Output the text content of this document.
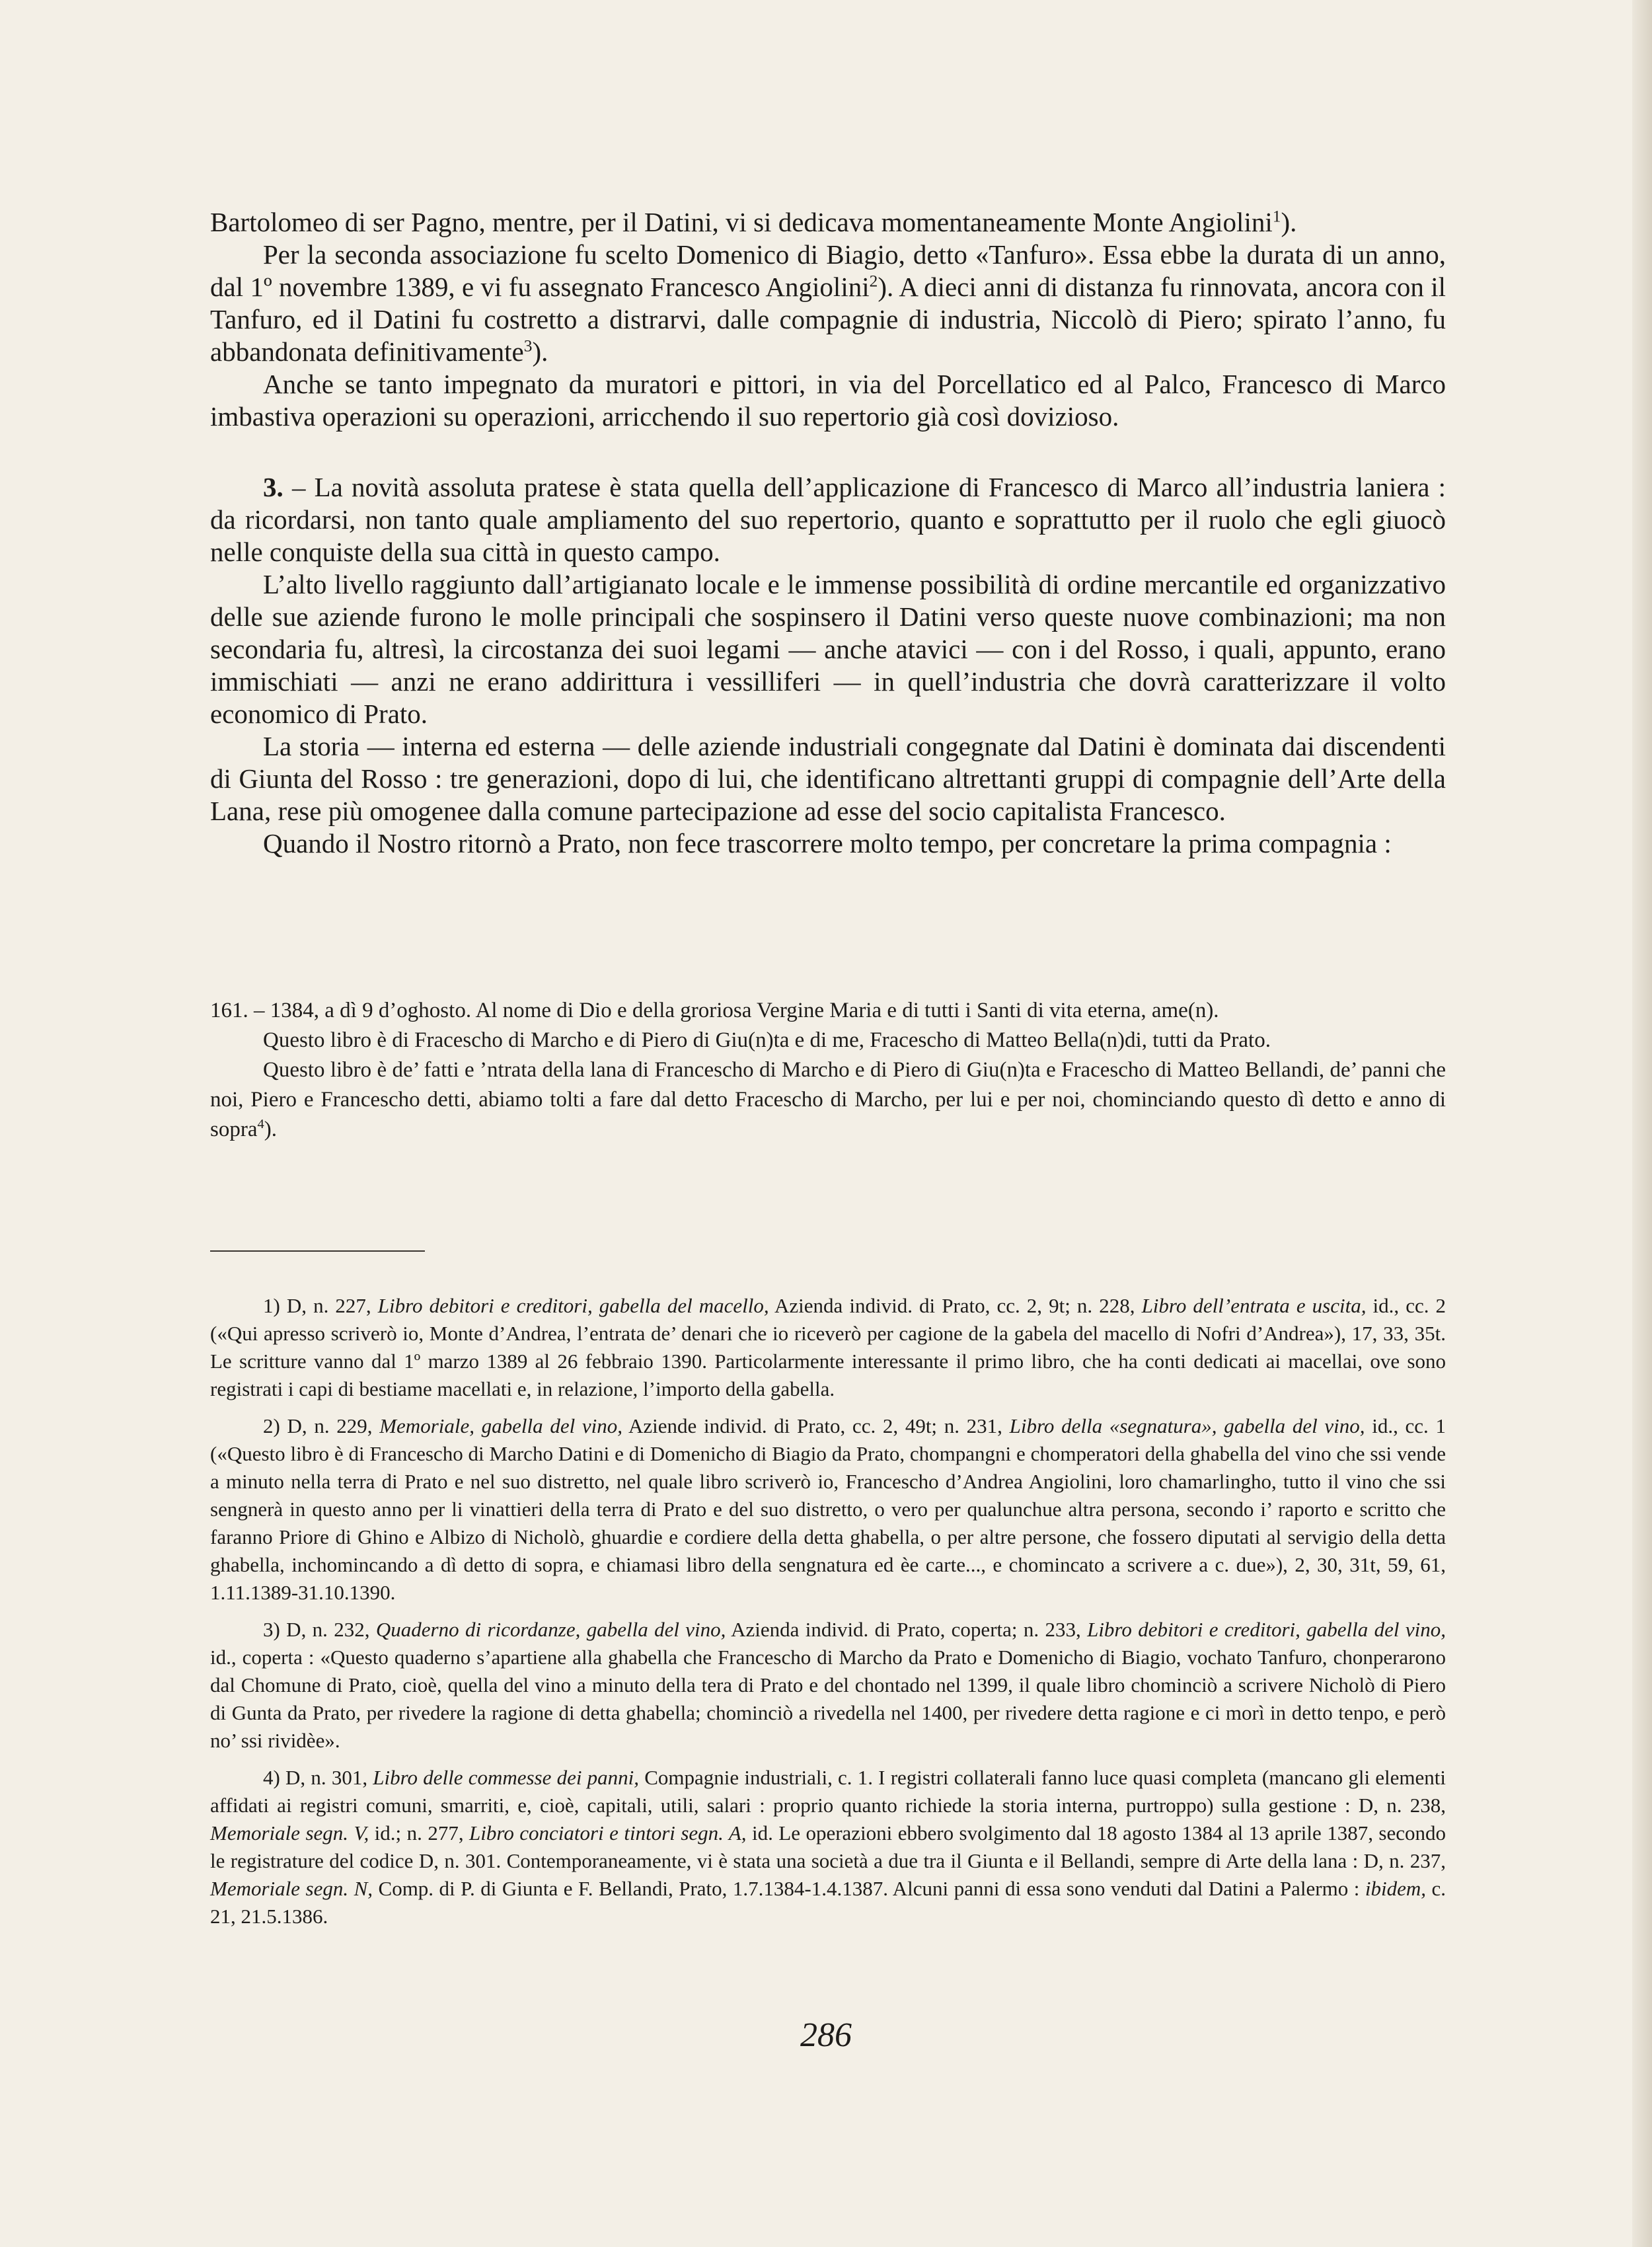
Bartolomeo di ser Pagno, mentre, per il Datini, vi si dedicava momentaneamente Monte Angiolini$^1$).

Per la seconda associazione fu scelto Domenico di Biagio, detto «Tanfuro». Essa ebbe la durata di un anno, dal 1º novembre 1389, e vi fu assegnato Francesco Angiolini$^2$). A dieci anni di distanza fu rinnovata, ancora con il Tanfuro, ed il Datini fu costretto a distrarvi, dalle compagnie di industria, Niccolò di Piero; spirato l’anno, fu abbandonata definitivamente$^3$).

Anche se tanto impegnato da muratori e pittori, in via del Porcellatico ed al Palco, Francesco di Marco imbastiva operazioni su operazioni, arricchendo il suo repertorio già così dovizioso.

3. – La novità assoluta pratese è stata quella dell’applicazione di Francesco di Marco all’industria laniera : da ricordarsi, non tanto quale ampliamento del suo repertorio, quanto e soprattutto per il ruolo che egli giuocò nelle conquiste della sua città in questo campo.

L’alto livello raggiunto dall’artigianato locale e le immense possibilità di ordine mercantile ed organizzativo delle sue aziende furono le molle principali che sospinsero il Datini verso queste nuove combinazioni; ma non secondaria fu, altresì, la circostanza dei suoi legami — anche atavici — con i del Rosso, i quali, appunto, erano immischiati — anzi ne erano addirittura i vessilliferi — in quell’industria che dovrà caratterizzare il volto economico di Prato.

La storia — interna ed esterna — delle aziende industriali congegnate dal Datini è dominata dai discendenti di Giunta del Rosso : tre generazioni, dopo di lui, che identificano altrettanti gruppi di compagnie dell’Arte della Lana, rese più omogenee dalla comune partecipazione ad esse del socio capitalista Francesco.

Quando il Nostro ritornò a Prato, non fece trascorrere molto tempo, per concretare la prima compagnia :

161. – 1384, a dì 9 d’oghosto. Al nome di Dio e della groriosa Vergine Maria e di tutti i Santi di vita eterna, ame(n).

Questo libro è di Fracescho di Marcho e di Piero di Giu(n)ta e di me, Fracescho di Matteo Bella(n)di, tutti da Prato.

Questo libro è de’ fatti e ’ntrata della lana di Francescho di Marcho e di Piero di Giu(n)ta e Fracescho di Matteo Bellandi, de’ panni che noi, Piero e Francescho detti, abiamo tolti a fare dal detto Fracescho di Marcho, per lui e per noi, chominciando questo dì detto e anno di sopra$^4$).

1) D, n. 227, Libro debitori e creditori, gabella del macello, Azienda individ. di Prato, cc. 2, 9t; n. 228, Libro dell’entrata e uscita, id., cc. 2 («Qui apresso scriverò io, Monte d’Andrea, l’entrata de’ denari che io riceverò per cagione de la gabela del macello di Nofri d’Andrea»), 17, 33, 35t. Le scritture vanno dal 1º marzo 1389 al 26 febbraio 1390. Particolarmente interessante il primo libro, che ha conti dedicati ai macellai, ove sono registrati i capi di bestiame macellati e, in relazione, l’importo della gabella.

2) D, n. 229, Memoriale, gabella del vino, Aziende individ. di Prato, cc. 2, 49t; n. 231, Libro della «segnatura», gabella del vino, id., cc. 1 («Questo libro è di Francescho di Marcho Datini e di Domenicho di Biagio da Prato, chompangni e chomperatori della ghabella del vino che ssi vende a minuto nella terra di Prato e nel suo distretto, nel quale libro scriverò io, Francescho d’Andrea Angiolini, loro chamarlingho, tutto il vino che ssi sengnerà in questo anno per li vinattieri della terra di Prato e del suo distretto, o vero per qualunchue altra persona, secondo i’ raporto e scritto che faranno Priore di Ghino e Albizo di Nicholò, ghuardie e cordiere della detta ghabella, o per altre persone, che fossero diputati al servigio della detta ghabella, inchomincando a dì detto di sopra, e chiamasi libro della sengnatura ed èe carte..., e chomincato a scrivere a c. due»), 2, 30, 31t, 59, 61, 1.11.1389-31.10.1390.

3) D, n. 232, Quaderno di ricordanze, gabella del vino, Azienda individ. di Prato, coperta; n. 233, Libro debitori e creditori, gabella del vino, id., coperta : «Questo quaderno s’apartiene alla ghabella che Francescho di Marcho da Prato e Domenicho di Biagio, vochato Tanfuro, chonperarono dal Chomune di Prato, cioè, quella del vino a minuto della tera di Prato e del chontado nel 1399, il quale libro chominciò a scrivere Nicholò di Piero di Gunta da Prato, per rivedere la ragione di detta ghabella; chominciò a rivedella nel 1400, per rivedere detta ragione e ci morì in detto tenpo, e però no’ ssi rividèe».

4) D, n. 301, Libro delle commesse dei panni, Compagnie industriali, c. 1. I registri collaterali fanno luce quasi completa (mancano gli elementi affidati ai registri comuni, smarriti, e, cioè, capitali, utili, salari : proprio quanto richiede la storia interna, purtroppo) sulla gestione : D, n. 238, Memoriale segn. V, id.; n. 277, Libro conciatori e tintori segn. A, id. Le operazioni ebbero svolgimento dal 18 agosto 1384 al 13 aprile 1387, secondo le registrature del codice D, n. 301. Contemporaneamente, vi è stata una società a due tra il Giunta e il Bellandi, sempre di Arte della lana : D, n. 237, Memoriale segn. N, Comp. di P. di Giunta e F. Bellandi, Prato, 1.7.1384-1.4.1387. Alcuni panni di essa sono venduti dal Datini a Palermo : ibidem, c. 21, 21.5.1386.

286
